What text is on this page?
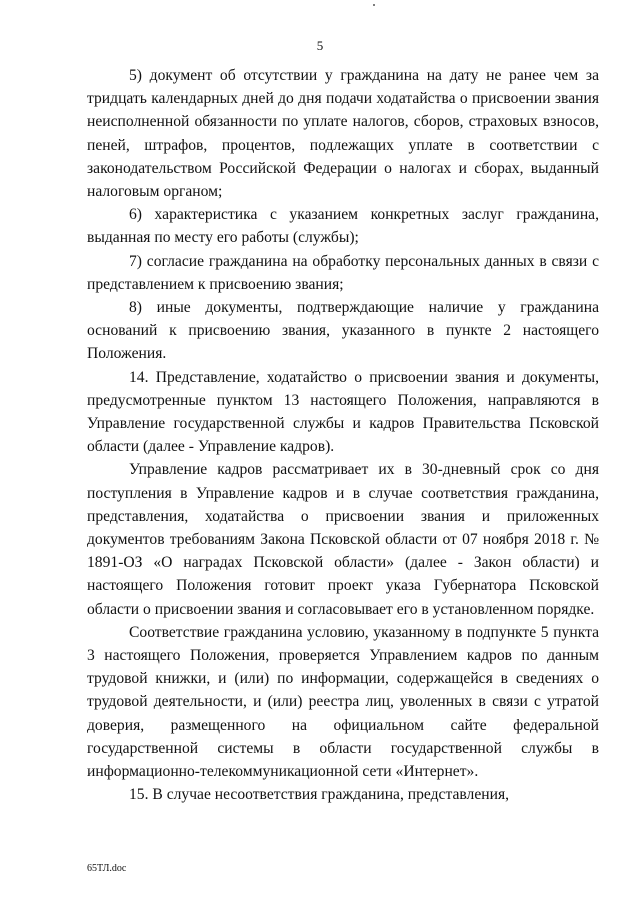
5

5) документ об отсутствии у гражданина на дату не ранее чем за тридцать календарных дней до дня подачи ходатайства о присвоении звания неисполненной обязанности по уплате налогов, сборов, страховых взносов, пеней, штрафов, процентов, подлежащих уплате в соответствии с законодательством Российской Федерации о налогах и сборах, выданный налоговым органом;

6) характеристика с указанием конкретных заслуг гражданина, выданная по месту его работы (службы);

7) согласие гражданина на обработку персональных данных в связи с представлением к присвоению звания;

8) иные документы, подтверждающие наличие у гражданина оснований к присвоению звания, указанного в пункте 2 настоящего Положения.

14. Представление, ходатайство о присвоении звания и документы, предусмотренные пунктом 13 настоящего Положения, направляются в Управление государственной службы и кадров Правительства Псковской области (далее - Управление кадров).

Управление кадров рассматривает их в 30-дневный срок со дня поступления в Управление кадров и в случае соответствия гражданина, представления, ходатайства о присвоении звания и приложенных документов требованиям Закона Псковской области от 07 ноября 2018 г. № 1891-ОЗ «О наградах Псковской области» (далее - Закон области) и настоящего Положения готовит проект указа Губернатора Псковской области о присвоении звания и согласовывает его в установленном порядке.

Соответствие гражданина условию, указанному в подпункте 5 пункта 3 настоящего Положения, проверяется Управлением кадров по данным трудовой книжки, и (или) по информации, содержащейся в сведениях о трудовой деятельности, и (или) реестра лиц, уволенных в связи с утратой доверия, размещенного на официальном сайте федеральной государственной системы в области государственной службы в информационно-телекоммуникационной сети «Интернет».

15. В случае несоответствия гражданина, представления,

65ТЛ.doc
